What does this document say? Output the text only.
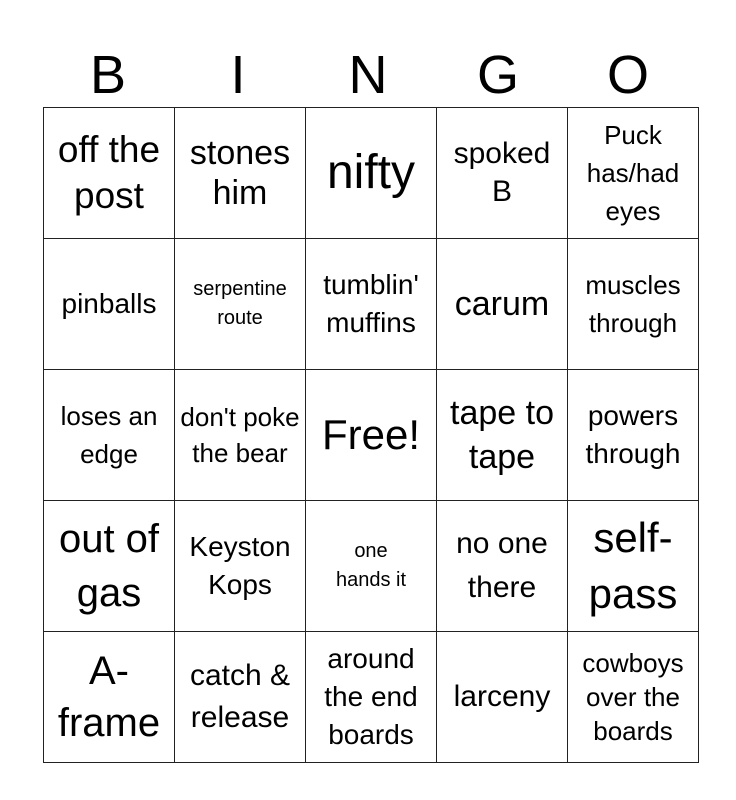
B	I	N	G	O
off the post	stones him	nifty	spoked B	Puck has/had eyes

pinballs	serpentine route	tumblin' muffins	carum	muscles through

loses an edge	don't poke the bear	Free!	tape to tape	powers through

out of gas	Keyston Kops	one hands it	no one there	self-pass

A-frame	catch & release	around the end boards	larceny	cowboys over the boards
